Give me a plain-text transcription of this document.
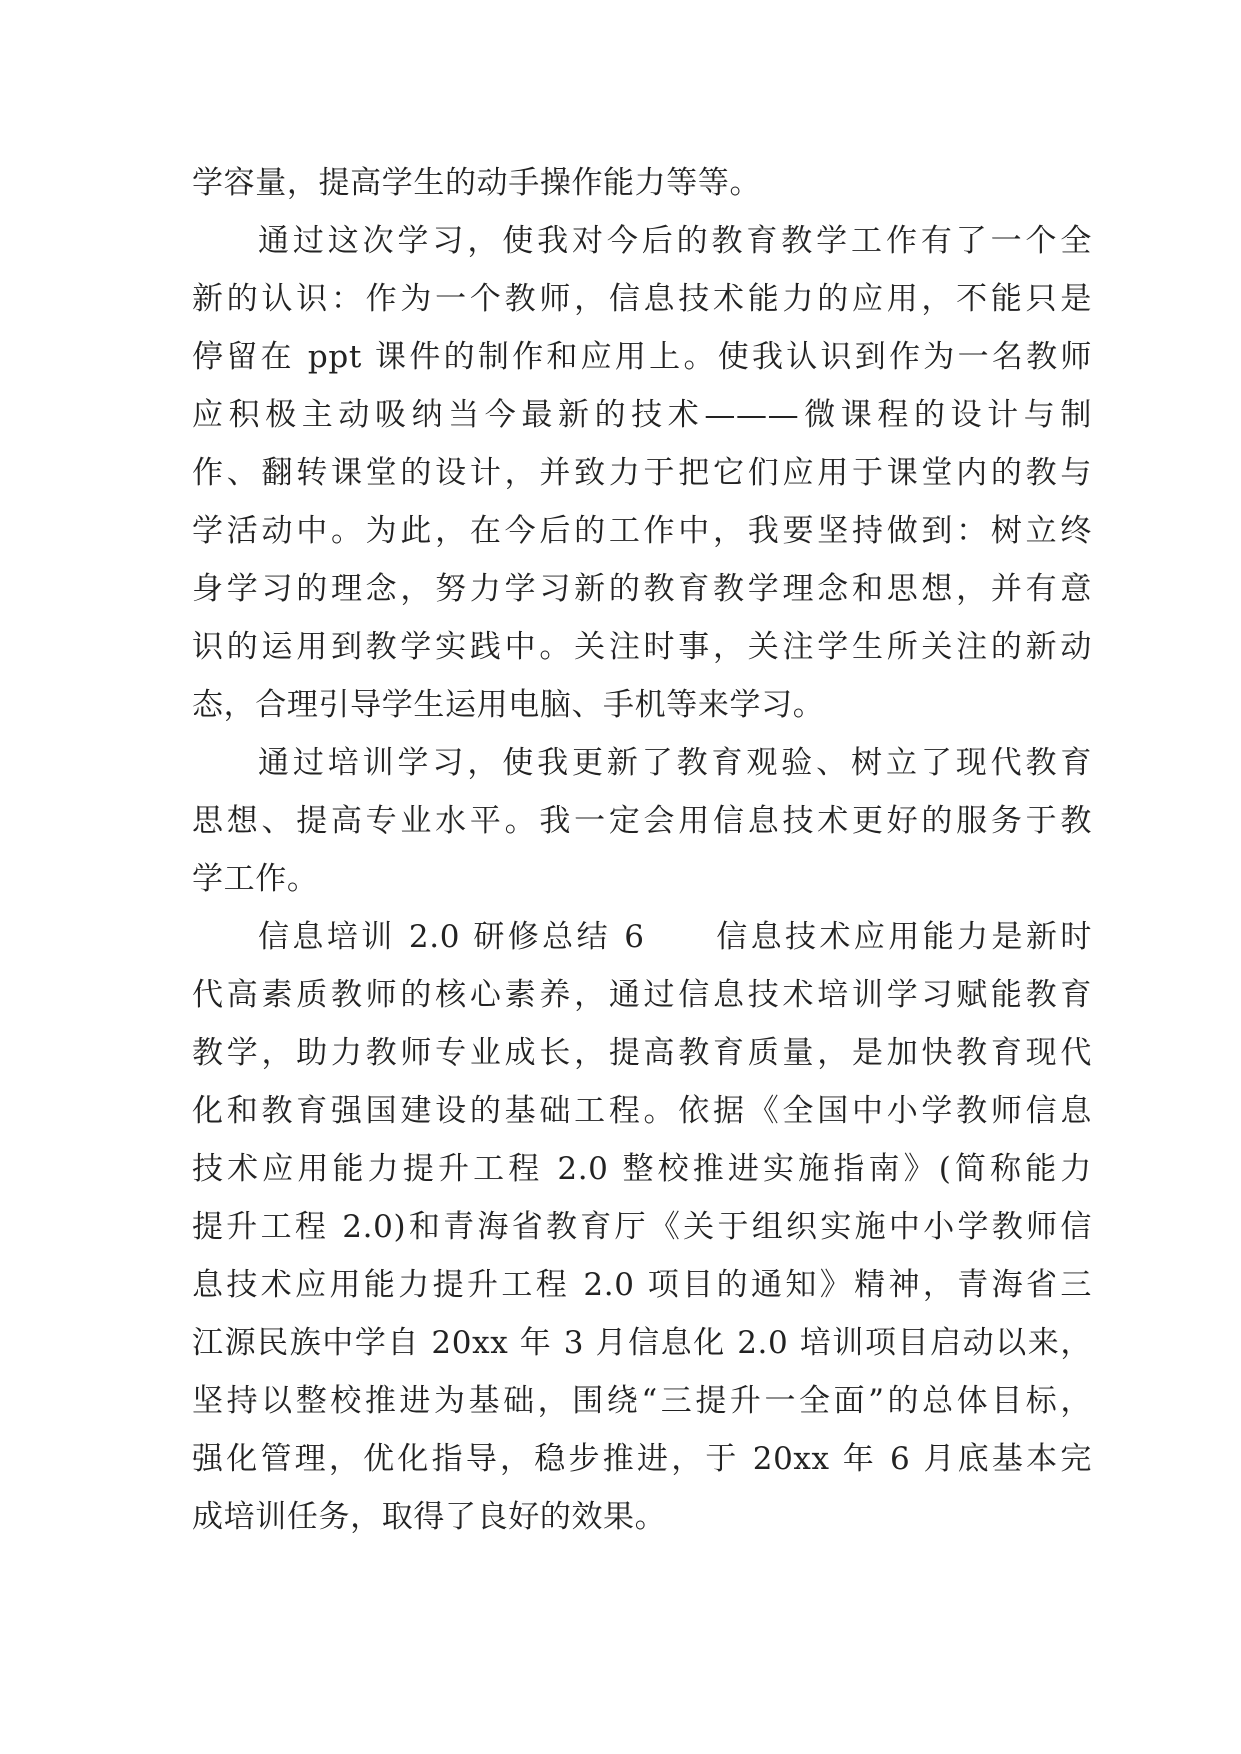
学容量，提高学生的动手操作能力等等。
通过这次学习，使我对今后的教育教学工作有了一个全
新的认识：作为一个教师，信息技术能力的应用，不能只是
停留在 ppt 课件的制作和应用上。使我认识到作为一名教师
应积极主动吸纳当今最新的技术———微课程的设计与制
作、翻转课堂的设计，并致力于把它们应用于课堂内的教与
学活动中。为此，在今后的工作中，我要坚持做到：树立终
身学习的理念，努力学习新的教育教学理念和思想，并有意
识的运用到教学实践中。关注时事，关注学生所关注的新动
态，合理引导学生运用电脑、手机等来学习。
通过培训学习，使我更新了教育观验、树立了现代教育
思想、提高专业水平。我一定会用信息技术更好的服务于教
学工作。
信息培训 2.0 研修总结 6　　信息技术应用能力是新时
代高素质教师的核心素养，通过信息技术培训学习赋能教育
教学，助力教师专业成长，提高教育质量，是加快教育现代
化和教育强国建设的基础工程。依据《全国中小学教师信息
技术应用能力提升工程 2.0 整校推进实施指南》(简称能力
提升工程 2.0)和青海省教育厅《关于组织实施中小学教师信
息技术应用能力提升工程 2.0 项目的通知》精神，青海省三
江源民族中学自 20xx 年 3 月信息化 2.0 培训项目启动以来，
坚持以整校推进为基础，围绕“三提升一全面”的总体目标，
强化管理，优化指导，稳步推进，于 20xx 年 6 月底基本完
成培训任务，取得了良好的效果。
